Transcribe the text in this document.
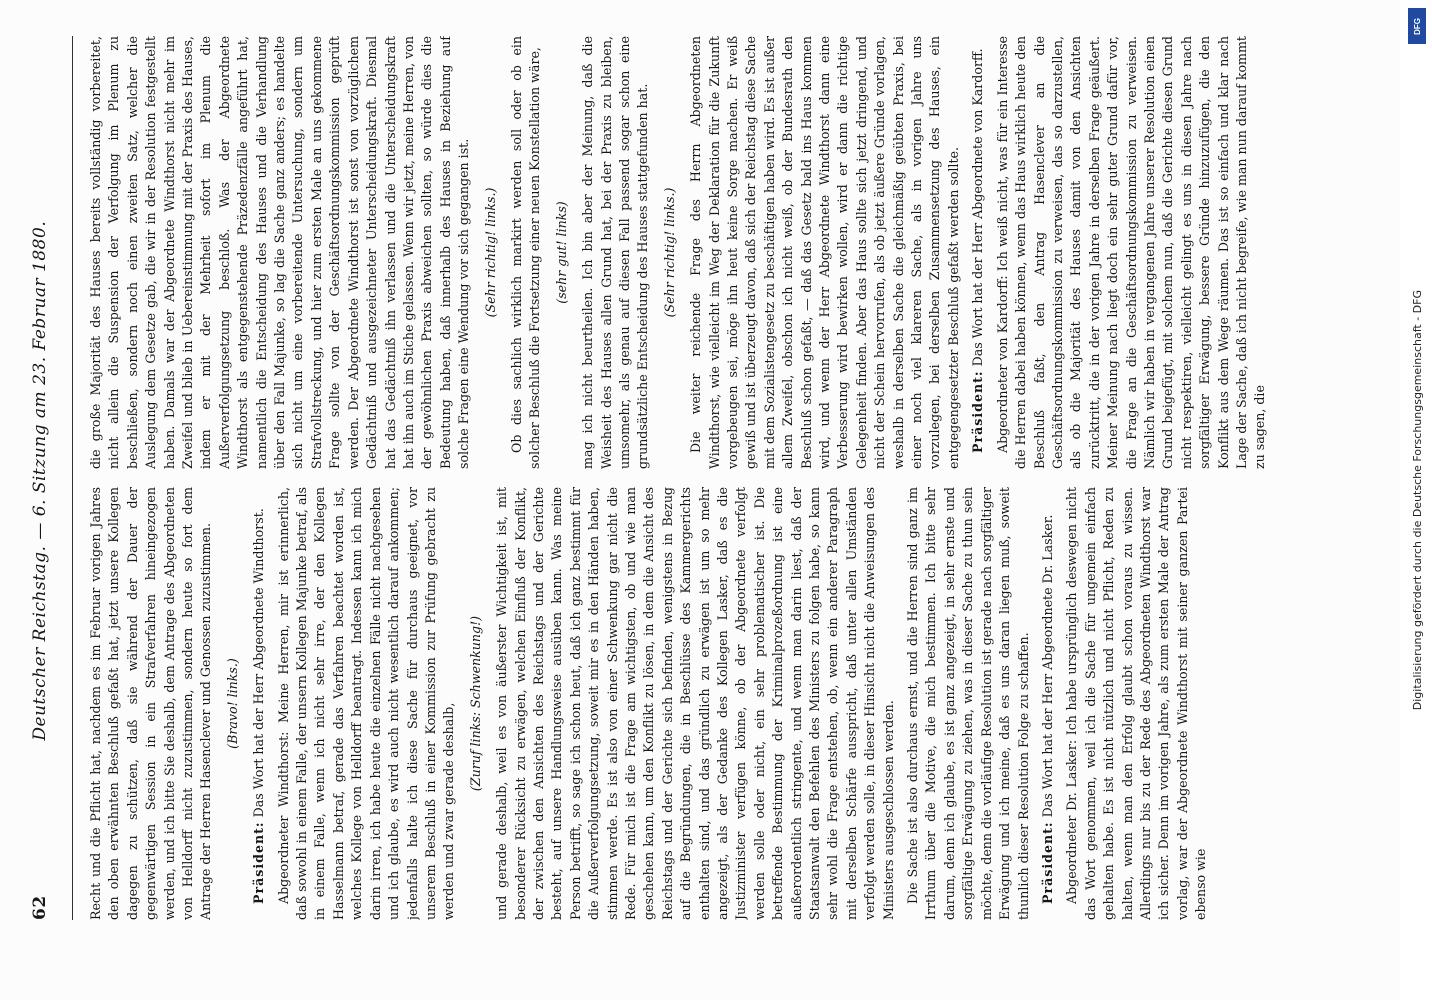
62
Deutscher Reichstag. — 6. Sitzung am 23. Februar 1880.	Recht und die Pflicht hat, nachdem es im Februar vorigen Jahres den oben erwähnten Beschluß gefaßt hat, jetzt unsere Kollegen dagegen zu schützen, daß sie während der Dauer der gegenwärtigen Session in ein Strafverfahren hineingezogen werden, und ich bitte Sie deshalb, dem Antrage des Abgeordneten von Helldorff nicht zuzustimmen, sondern heute so fort dem Antrage der Herren Hasenclever und Genossen zuzustimmen. (Bravo! links.)

Präsident: Das Wort hat der Herr Abgeordnete Windthorst. Abgeordneter Windthorst: Meine Herren, mir ist erinnerlich, daß sowohl in einem Falle, der unsern Kollegen Majunke betraf, als in einem Falle, wenn ich nicht sehr irre, der den Kollegen Hasselmann betraf, gerade das Verfahren beachtet worden ist, welches Kollege von Helldorff beantragt. Indessen kann ich mich darin irren, ich habe heute die einzelnen Fälle nicht nachgesehen und ich glaube, es wird auch nicht wesentlich darauf ankommen; jedenfalls halte ich diese Sache für durchaus geeignet, vor unserem Beschluß in einer Kommission zur Prüfung gebracht zu werden und zwar gerade deshalb, (Zuruf links: Schwenkung!) und gerade deshalb, weil es von äußerster Wichtigkeit ist, mit besonderer Rücksicht zu erwägen, welchen Einfluß der Konflikt, der zwischen den Ansichten des Reichstags und der Gerichte besteht, auf unsere Handlungsweise ausüben kann. Was meine Person betrifft, so sage ich schon heut, daß ich ganz bestimmt für die Außerverfolgungsetzung, soweit mir es in den Händen haben, stimmen werde. Es ist also von einer Schwenkung gar nicht die Rede. Für mich ist die Frage am wichtigsten, ob und wie man geschehen kann, um den Konflikt zu lösen, in dem die Ansicht des Reichstags und der Gerichte sich befinden, wenigstens in Bezug auf die Begründungen, die in Beschlüsse des Kammergerichts enthalten sind, und das gründlich zu erwägen ist um so mehr angezeigt, als der Gedanke des Kollegen Lasker, daß es die Justizminister verfügen könne, ob der Abgeordnete verfolgt werden solle oder nicht, ein sehr problematischer ist. Die betreffende Bestimmung der Kriminalprozeßordnung ist eine außerordentlich stringente, und wenn man darin liest, daß der Staatsanwalt den Befehlen des Ministers zu folgen habe, so kann sehr wohl die Frage entstehen, ob, wenn ein anderer Paragraph mit derselben Schärfe ausspricht, daß unter allen Umständen verfolgt werden solle, in dieser Hinsicht nicht die Anweisungen des Ministers ausgeschlossen werden. Die Sache ist also durchaus ernst, und die Herren sind ganz im Irrthum über die Motive, die mich bestimmen. Ich bitte sehr darum, denn ich glaube, es ist ganz angezeigt, in sehr ernste und sorgfältige Erwägung zu ziehen, was in dieser Sache zu thun sein möchte, denn die vorläufige Resolution ist gerade nach sorgfältiger Erwägung und ich meine, daß es uns daran liegen muß, soweit thunlich dieser Resolution Folge zu schaffen. Präsident: Das Wort hat der Herr Abgeordnete Dr. Lasker. Abgeordneter Dr. Lasker: Ich habe ursprünglich deswegen nicht das Wort genommen, weil ich die Sache für ungemein einfach gehalten habe. Es ist nicht nützlich und nicht Pflicht, Reden zu halten, wenn man den Erfolg glaubt schon voraus zu wissen. Allerdings nur bis zu der Rede des Abgeordneten Windthorst war ich sicher. Denn im vorigen Jahre, als zum ersten Male der Antrag vorlag, war der Abgeordnete Windthorst mit seiner ganzen Partei ebenso wie

die große Majorität des Hauses bereits vollständig vorbereitet, nicht allein die Suspension der Verfolgung im Plenum zu beschließen, sondern noch einen zweiten Satz, welcher die Auslegung dem Gesetze gab, die wir in der Resolution festgestellt haben. Damals war der Abgeordnete Windthorst nicht mehr im Zweifel und blieb in Uebereinstimmung mit der Praxis des Hauses, indem er mit der Mehrheit sofort im Plenum die Außerverfolgungsetzung beschloß. Was der Abgeordnete Windthorst als entgegenstehende Präzedenzfälle angeführt hat, namentlich die Entscheidung des Hauses und die Verhandlung über den Fall Majunke, so lag die Sache ganz anders; es handelte sich nicht um eine vorbereitende Untersuchung, sondern um Strafvollstreckung, und hier zum ersten Male an uns gekommene Frage sollte von der Geschäftsordnungskommission geprüft werden. Der Abgeordnete Windthorst ist sonst von vorzüglichem Gedächtniß und ausgezeichneter Unterscheidungskraft. Diesmal hat das Gedächtniß ihn verlassen und die Unterscheidungskraft hat ihn auch im Stiche gelassen. Wenn wir jetzt, meine Herren, von der gewöhnlichen Praxis abweichen sollten, so würde dies die Bedeutung haben, daß innerhalb des Hauses in Beziehung auf solche Fragen eine Wendung vor sich gegangen ist. (Sehr richtig! links.) Ob dies sachlich wirklich markirt werden soll oder ob ein solcher Beschluß die Fortsetzung einer neuen Konstellation wäre, (sehr gut! links) mag ich nicht beurtheilen. Ich bin aber der Meinung, daß die Weisheit des Hauses allen Grund hat, bei der Praxis zu bleiben, umsomehr, als genau auf diesen Fall passend sogar schon eine grundsätzliche Entscheidung des Hauses stattgefunden hat. (Sehr richtig! links.) Die weiter reichende Frage des Herrn Abgeordneten Windthorst, wie vielleicht im Weg der Deklaration für die Zukunft vorgebeugen sei, möge ihn heut keine Sorge machen. Er weiß gewiß und ist überzeugt davon, daß sich der Reichstag diese Sache mit dem Sozialistengesetz zu beschäftigen haben wird. Es ist außer allem Zweifel, obschon ich nicht weiß, ob der Bundesrath den Beschluß schon gefaßt, — daß das Gesetz bald ins Haus kommen wird, und wenn der Herr Abgeordnete Windthorst dann eine Verbesserung wird bewirken wollen, wird er dann die richtige Gelegenheit finden. Aber das Haus sollte sich jetzt dringend, und nicht der Schein hervorrufen, als ob jetzt äußere Gründe vorlagen, weshalb in derselben Sache die gleichmäßig geübten Praxis, bei einer noch viel klareren Sache, als in vorigen Jahre uns vorzulegen, bei derselben Zusammensetzung des Hauses, ein entgegengesetzter Beschluß gefaßt werden sollte. Präsident: Das Wort hat der Herr Abgeordnete von Kardorff. Abgeordneter von Kardorff: Ich weiß nicht, was für ein Interesse die Herren dabei haben können, wenn das Haus wirklich heute den Beschluß faßt, den Antrag Hasenclever an die Geschäftsordnungskommission zu verweisen, das so darzustellen, als ob die Majorität des Hauses damit von den Ansichten zurücktritt, die in der vorigen Jahre in derselben Frage geäußert. Meiner Meinung nach liegt doch ein sehr guter Grund dafür vor, die Frage an die Geschäftsordnungskommission zu verweisen. Nämlich wir haben in vergangenen Jahre unserer Resolution einen Grund beigefügt, mit solchem nun, daß die Gerichte diesen Grund nicht respektiren, vielleicht gelingt es uns in diesen Jahre nach sorgfältiger Erwägung, bessere Gründe hinzuzufügen, die den Konflikt aus dem Wege räumen. Das ist so einfach und klar nach Lage der Sache, daß ich nicht begreife, wie man nun darauf kommt zu sagen, die

DFG
Digitalisierung gefördert durch die Deutsche Forschungsgemeinschaft - DFG
